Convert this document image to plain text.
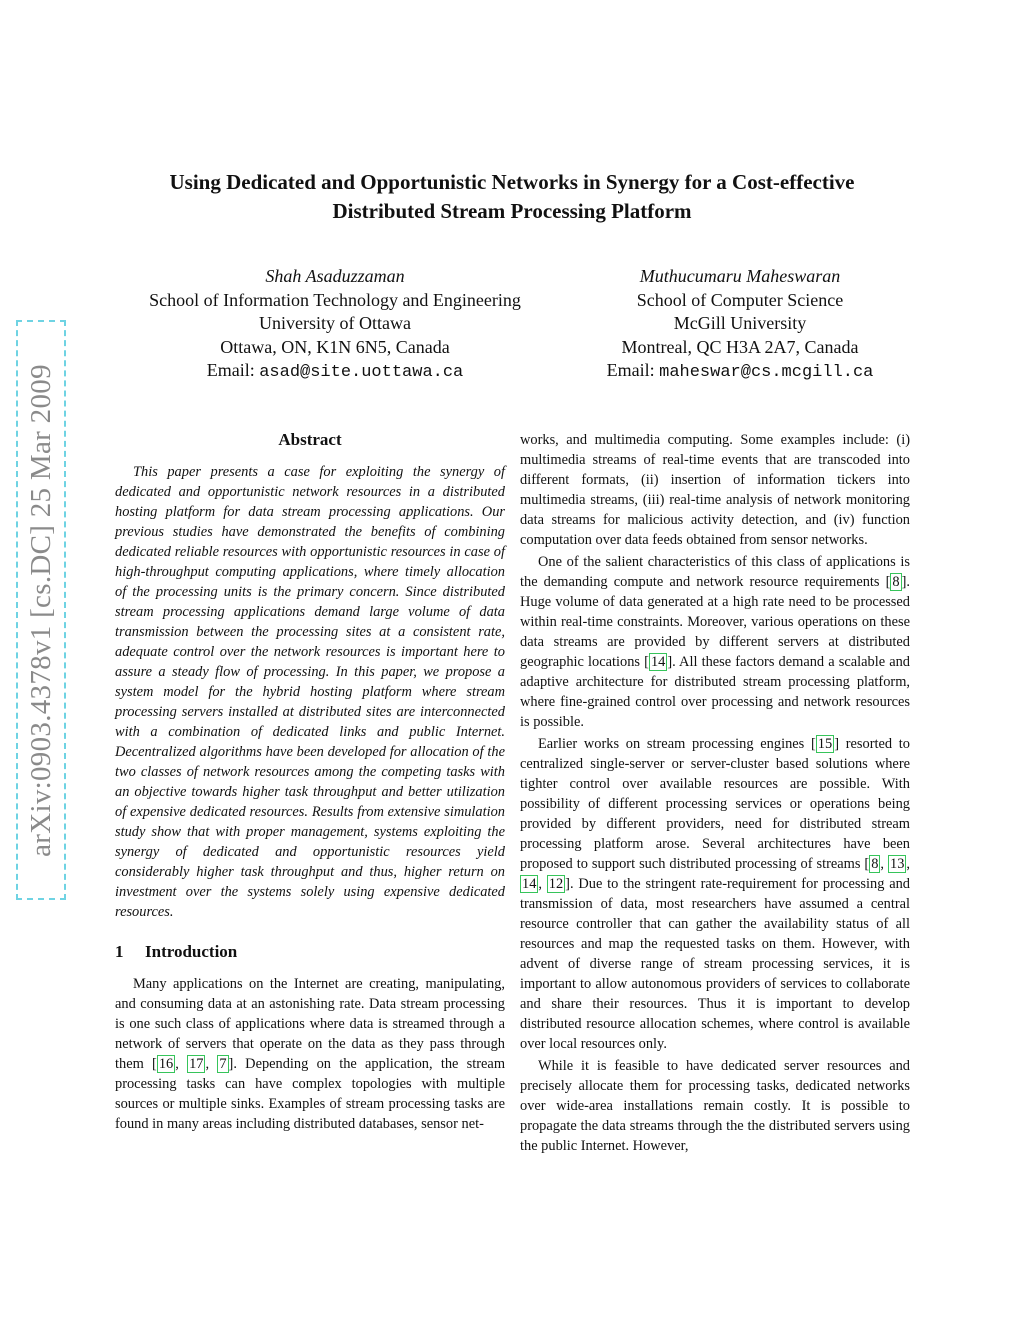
arXiv:0903.4378v1 [cs.DC] 25 Mar 2009
Using Dedicated and Opportunistic Networks in Synergy for a Cost-effective
Distributed Stream Processing Platform
Shah Asaduzzaman
School of Information Technology and Engineering
University of Ottawa
Ottawa, ON, K1N 6N5, Canada
Email: asad@site.uottawa.ca
Muthucumaru Maheswaran
School of Computer Science
McGill University
Montreal, QC H3A 2A7, Canada
Email: maheswar@cs.mcgill.ca
Abstract

This paper presents a case for exploiting the synergy of dedicated and opportunistic network resources in a distributed hosting platform for data stream processing applications. Our previous studies have demonstrated the benefits of combining dedicated reliable resources with opportunistic resources in case of high-throughput computing applications, where timely allocation of the processing units is the primary concern. Since distributed stream processing applications demand large volume of data transmission between the processing sites at a consistent rate, adequate control over the network resources is important here to assure a steady flow of processing. In this paper, we propose a system model for the hybrid hosting platform where stream processing servers installed at distributed sites are interconnected with a combination of dedicated links and public Internet. Decentralized algorithms have been developed for allocation of the two classes of network resources among the competing tasks with an objective towards higher task throughput and better utilization of expensive dedicated resources. Results from extensive simulation study show that with proper management, systems exploiting the synergy of dedicated and opportunistic resources yield considerably higher task throughput and thus, higher return on investment over the systems solely using expensive dedicated resources.

1 Introduction

Many applications on the Internet are creating, manipulating, and consuming data at an astonishing rate. Data stream processing is one such class of applications where data is streamed through a network of servers that operate on the data as they pass through them [ 16 , 17 , 7 ]. Depending on the application, the stream processing tasks can have complex topologies with multiple sources or multiple sinks. Examples of stream processing tasks are found in many areas including distributed databases, sensor net-

works, and multimedia computing. Some examples include: (i) multimedia streams of real-time events that are transcoded into different formats, (ii) insertion of information tickers into multimedia streams, (iii) real-time analysis of network monitoring data streams for malicious activity detection, and (iv) function computation over data feeds obtained from sensor networks.

One of the salient characteristics of this class of applications is the demanding compute and network resource requirements [ 8 ]. Huge volume of data generated at a high rate need to be processed within real-time constraints. Moreover, various operations on these data streams are provided by different servers at distributed geographic locations [ 14 ]. All these factors demand a scalable and adaptive architecture for distributed stream processing platform, where fine-grained control over processing and network resources is possible.

Earlier works on stream processing engines [ 15 ] resorted to centralized single-server or server-cluster based solutions where tighter control over available resources are possible. With possibility of different processing services or operations being provided by different providers, need for distributed stream processing platform arose. Several architectures have been proposed to support such distributed processing of streams [ 8 , 13 , 14 , 12 ]. Due to the stringent rate-requirement for processing and transmission of data, most researchers have assumed a central resource controller that can gather the availability status of all resources and map the requested tasks on them. However, with advent of diverse range of stream processing services, it is important to allow autonomous providers of services to collaborate and share their resources. Thus it is important to develop distributed resource allocation schemes, where control is available over local resources only.

While it is feasible to have dedicated server resources and precisely allocate them for processing tasks, dedicated networks over wide-area installations remain costly. It is possible to propagate the data streams through the the distributed servers using the public Internet. However,
